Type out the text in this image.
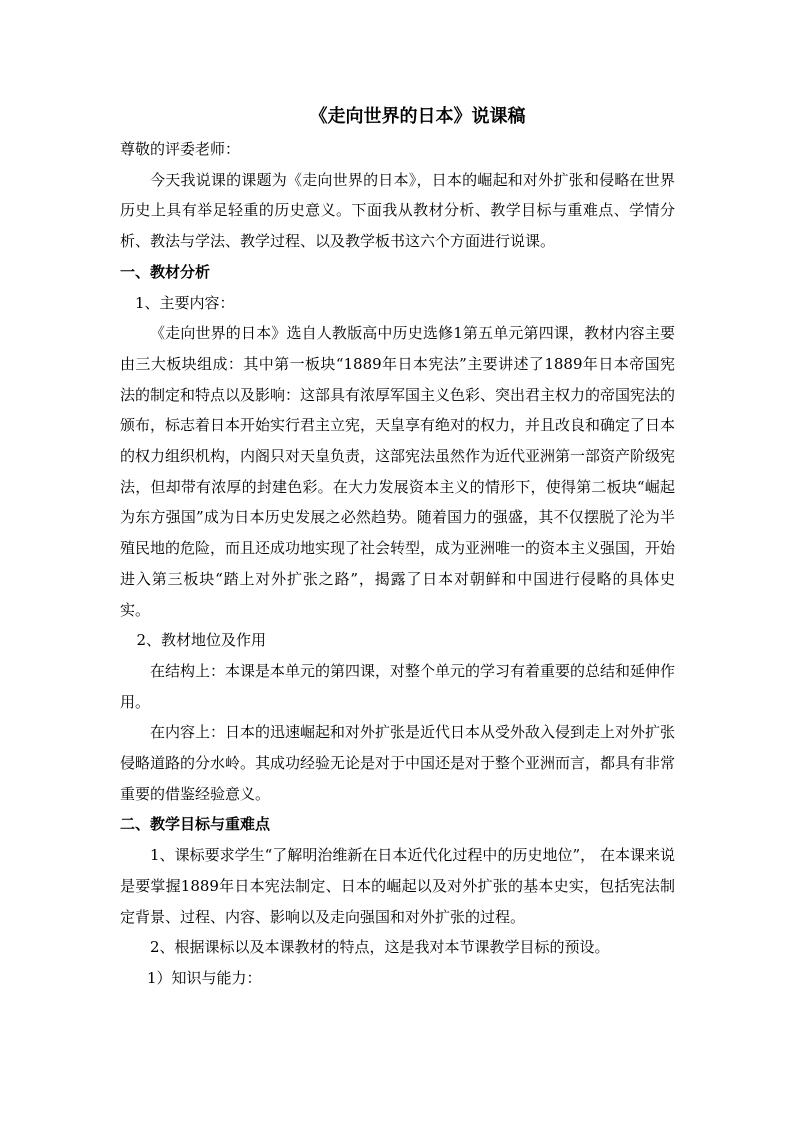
《走向世界的日本》说课稿

尊敬的评委老师：

今天我说课的课题为《走向世界的日本》，日本的崛起和对外扩张和侵略在世界历史上具有举足轻重的历史意义。下面我从教材分析、教学目标与重难点、学情分析、教法与学法、教学过程、以及教学板书这六个方面进行说课。

一、教材分析

1、主要内容：

《走向世界的日本》选自人教版高中历史选修1第五单元第四课，教材内容主要由三大板块组成：其中第一板块“1889年日本宪法”主要讲述了1889年日本帝国宪法的制定和特点以及影响：这部具有浓厚军国主义色彩、突出君主权力的帝国宪法的颁布，标志着日本开始实行君主立宪，天皇享有绝对的权力，并且改良和确定了日本的权力组织机构，内阁只对天皇负责，这部宪法虽然作为近代亚洲第一部资产阶级宪法，但却带有浓厚的封建色彩。在大力发展资本主义的情形下，使得第二板块“崛起为东方强国”成为日本历史发展之必然趋势。随着国力的强盛，其不仅摆脱了沦为半殖民地的危险，而且还成功地实现了社会转型，成为亚洲唯一的资本主义强国，开始进入第三板块“踏上对外扩张之路”，揭露了日本对朝鲜和中国进行侵略的具体史实。

2、教材地位及作用

在结构上：本课是本单元的第四课，对整个单元的学习有着重要的总结和延伸作用。

在内容上：日本的迅速崛起和对外扩张是近代日本从受外敌入侵到走上对外扩张侵略道路的分水岭。其成功经验无论是对于中国还是对于整个亚洲而言，都具有非常重要的借鉴经验意义。

二、教学目标与重难点

1、课标要求学生“了解明治维新在日本近代化过程中的历史地位”， 在本课来说是要掌握1889年日本宪法制定、日本的崛起以及对外扩张的基本史实，包括宪法制定背景、过程、内容、影响以及走向强国和对外扩张的过程。

2、根据课标以及本课教材的特点，这是我对本节课教学目标的预设。

1）知识与能力：
